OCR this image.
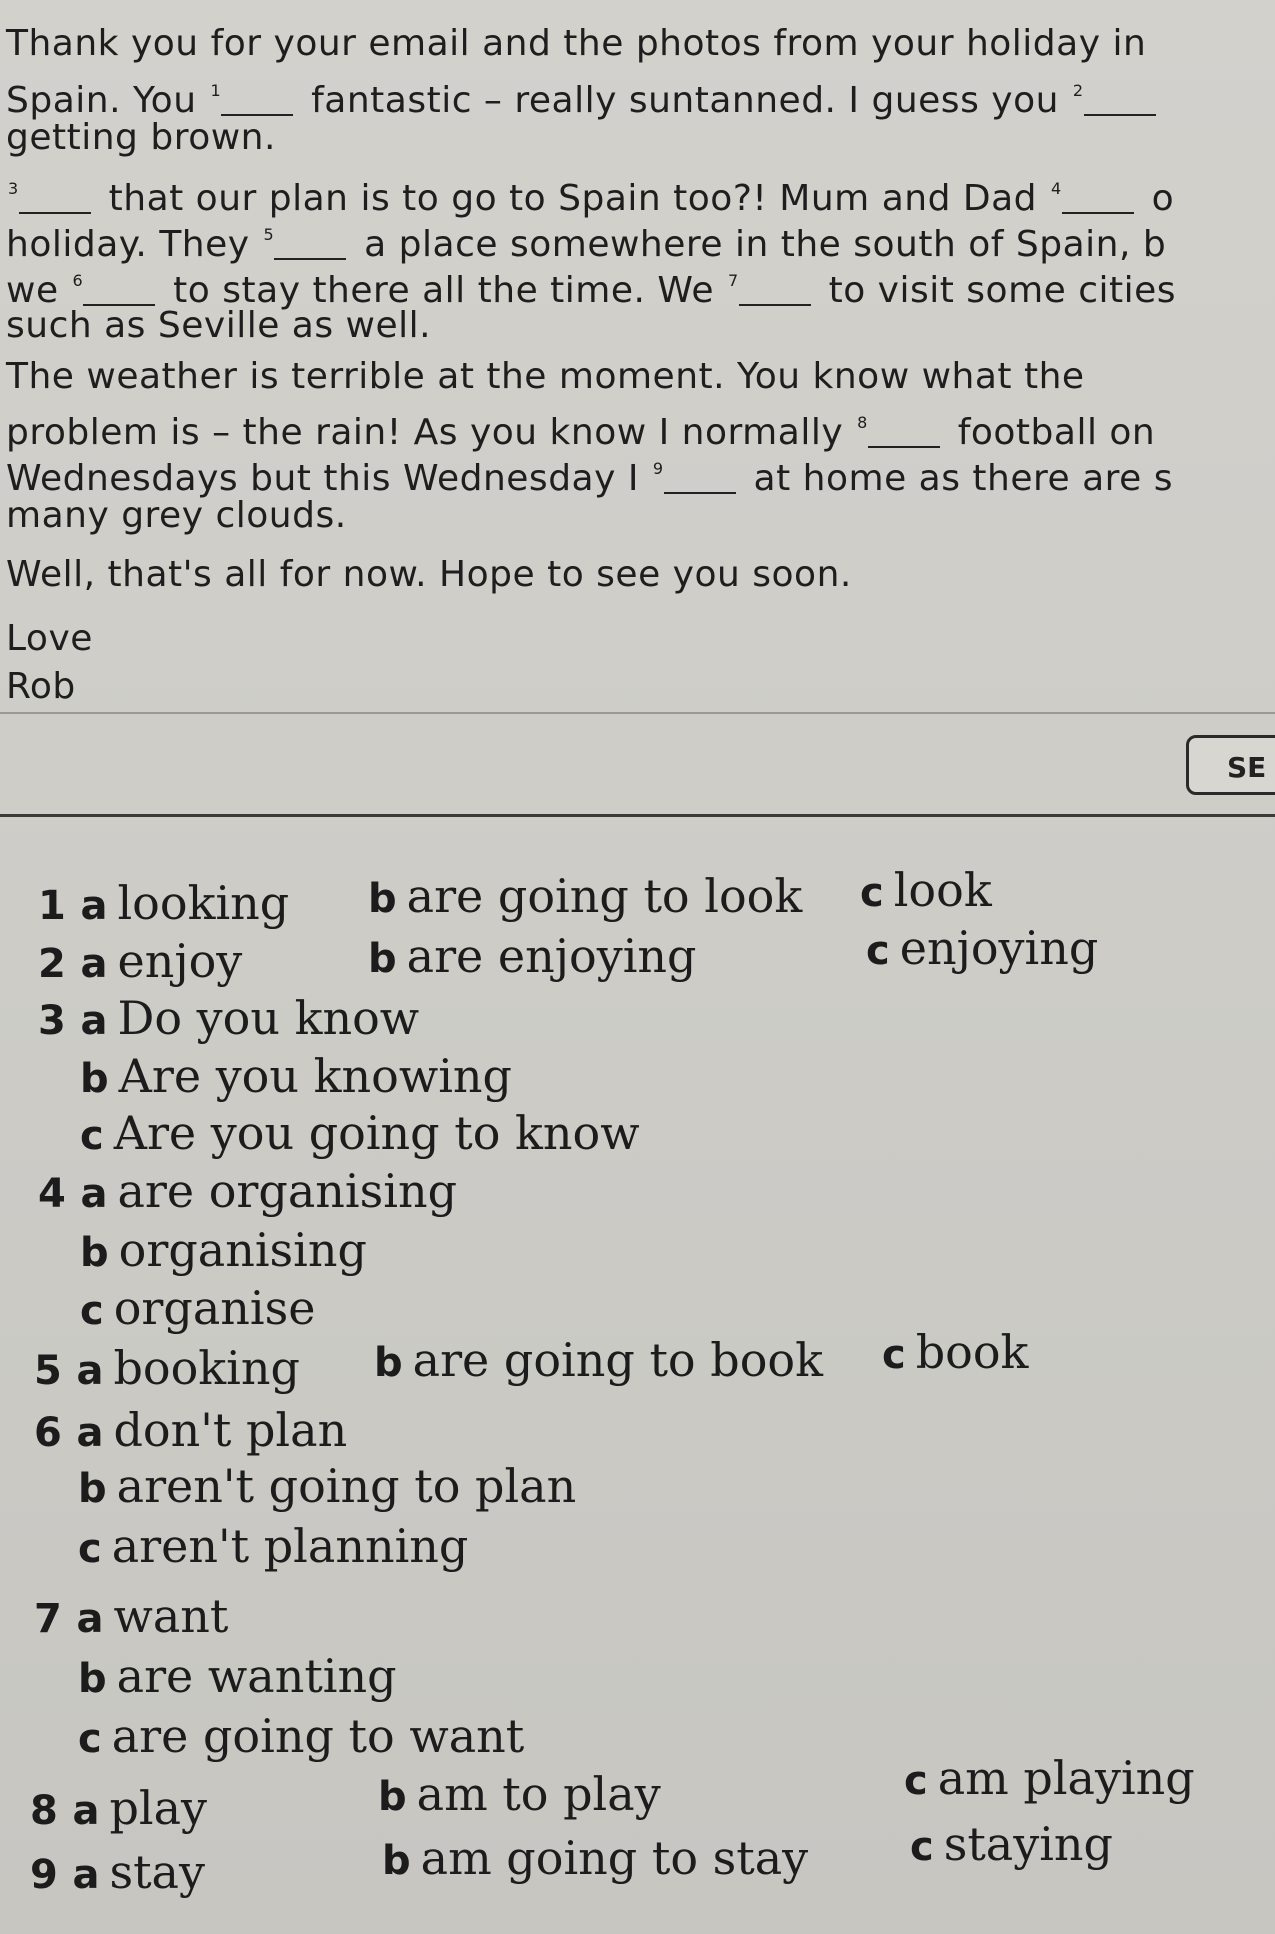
Thank you for your email and the photos from your holiday in
Spain. You $^1$ fantastic – really suntanned. I guess you $^2$
getting brown.
$^3$ that our plan is to go to Spain too?! Mum and Dad $^4$ o
holiday. They $^5$ a place somewhere in the south of Spain, b
we $^6$ to stay there all the time. We $^7$ to visit some cities
such as Seville as well.
The weather is terrible at the moment. You know what the
problem is – the rain! As you know I normally $^8$ football on
Wednesdays but this Wednesday I $^9$ at home as there are s
many grey clouds.
Well, that's all for now. Hope to see you soon.
Love
Rob
SE
1 a looking b are going to look c look
2 a enjoy	b are enjoying	c enjoying
3 a Do you know
b Are you knowing
c Are you going to know
4 a are organising
b organising
c organise
5 a booking b are going to book c book
6 a don't plan
b aren't going to plan
c aren't planning
7 a want
b are wanting
c are going to want
8 a play	b am to play	c am playing
9 a stay	b am going to stay	c staying
